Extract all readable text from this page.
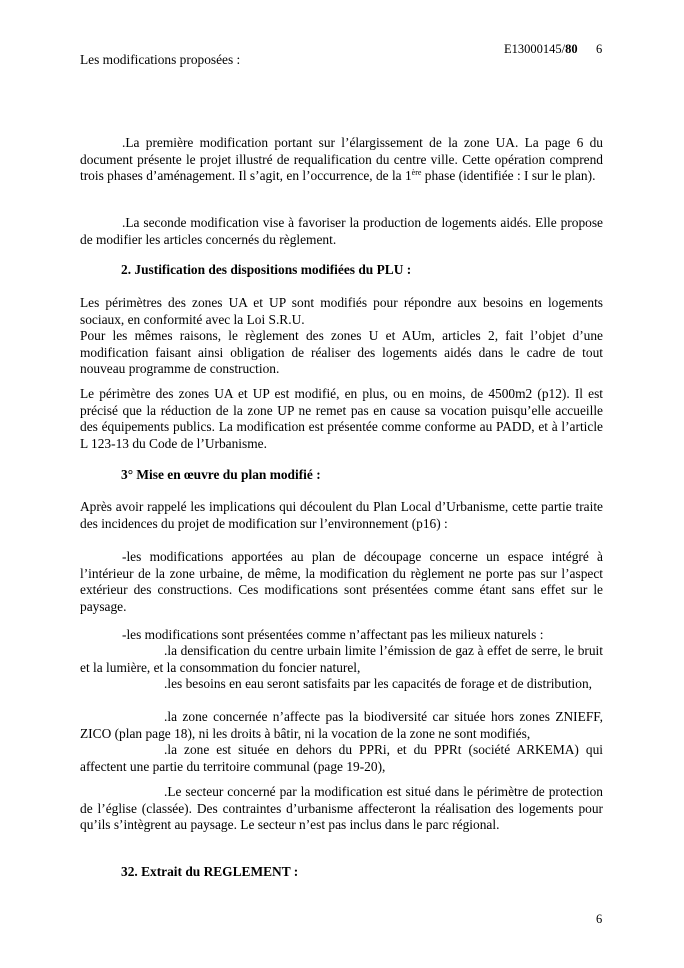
E13000145/80 6

Les modifications proposées :

.La première modification portant sur l’élargissement de la zone UA. La page 6 du document présente le projet illustré de requalification du centre ville. Cette opération comprend trois phases d’aménagement. Il s’agit, en l’occurrence, de la 1ère phase (identifiée : I sur le plan).

.La seconde modification vise à favoriser la production de logements aidés. Elle propose de modifier les articles concernés du règlement.

2. Justification des dispositions modifiées du PLU :

Les périmètres des zones UA et UP sont modifiés pour répondre aux besoins en logements sociaux, en conformité avec la Loi S.R.U.

Pour les mêmes raisons, le règlement des zones U et AUm, articles 2, fait l’objet d’une modification faisant ainsi obligation de réaliser des logements aidés dans le cadre de tout nouveau programme de construction.

Le périmètre des zones UA et UP est modifié, en plus, ou en moins, de 4500m2 (p12). Il est précisé que la réduction de la zone UP ne remet pas en cause sa vocation puisqu’elle accueille des équipements publics. La modification est présentée comme conforme au PADD, et à l’article L 123-13 du Code de l’Urbanisme.

3° Mise en œuvre du plan modifié :

Après avoir rappelé les implications qui découlent du Plan Local d’Urbanisme, cette partie traite des incidences du projet de modification sur l’environnement (p16) :

-les modifications apportées au plan de découpage concerne un espace intégré à l’intérieur de la zone urbaine, de même, la modification du règlement ne porte pas sur l’aspect extérieur des constructions. Ces modifications sont présentées comme étant sans effet sur le paysage.

-les modifications sont présentées comme n’affectant pas les milieux naturels :

.la densification du centre urbain limite l’émission de gaz à effet de serre, le bruit et la lumière, et la consommation du foncier naturel,

.les besoins en eau seront satisfaits par les capacités de forage et de distribution,

.la zone concernée n’affecte pas la biodiversité car située hors zones ZNIEFF, ZICO (plan page 18), ni les droits à bâtir, ni la vocation de la zone ne sont modifiés,

.la zone est située en dehors du PPRi, et du PPRt (société ARKEMA) qui affectent une partie du territoire communal (page 19-20),

.Le secteur concerné par la modification est situé dans le périmètre de protection de l’église (classée). Des contraintes d’urbanisme affecteront la réalisation des logements pour qu’ils s’intègrent au paysage. Le secteur n’est pas inclus dans le parc régional.

32. Extrait du REGLEMENT :
6
